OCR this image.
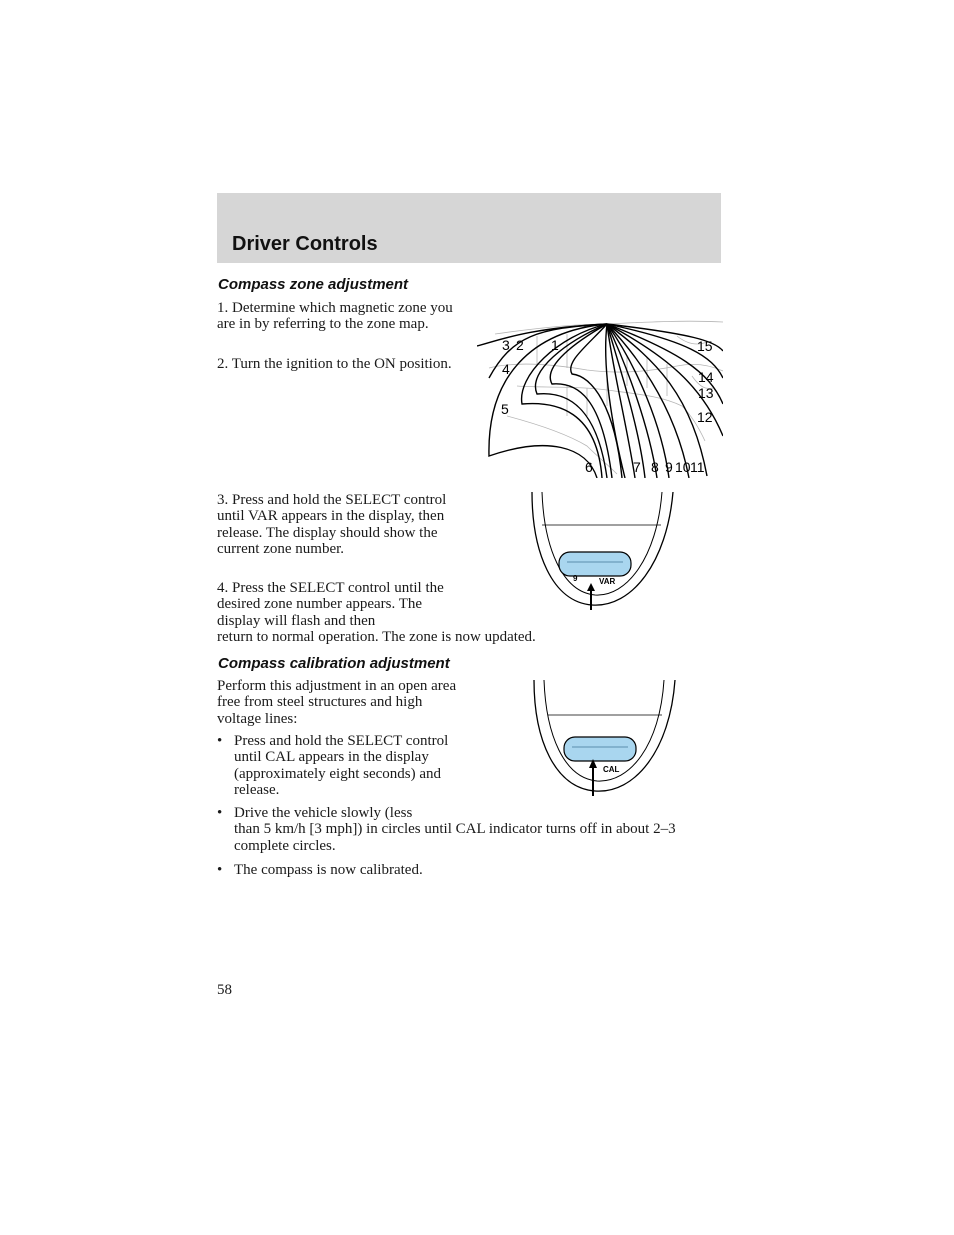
Driver Controls
Compass zone adjustment

1. Determine which magnetic zone you are in by referring to the zone map.

2. Turn the ignition to the ON position.

3 2 1
4
5
6	7 8 9 10 11
12
13
14
15

3. Press and hold the SELECT control until VAR appears in the display, then release. The display should show the current zone number.

4. Press the SELECT control until the desired zone number appears. The display will flash and then

return to normal operation. The zone is now updated.

9	VAR
Compass calibration adjustment

Perform this adjustment in an open area free from steel structures and high voltage lines:

• Press and hold the SELECT control until CAL appears in the display (approximately eight seconds) and release.
• Drive the vehicle slowly (less
than 5 km/h [3 mph]) in circles until CAL indicator turns off in about 2–3 complete circles.
• The compass is now calibrated.
CAL

58
